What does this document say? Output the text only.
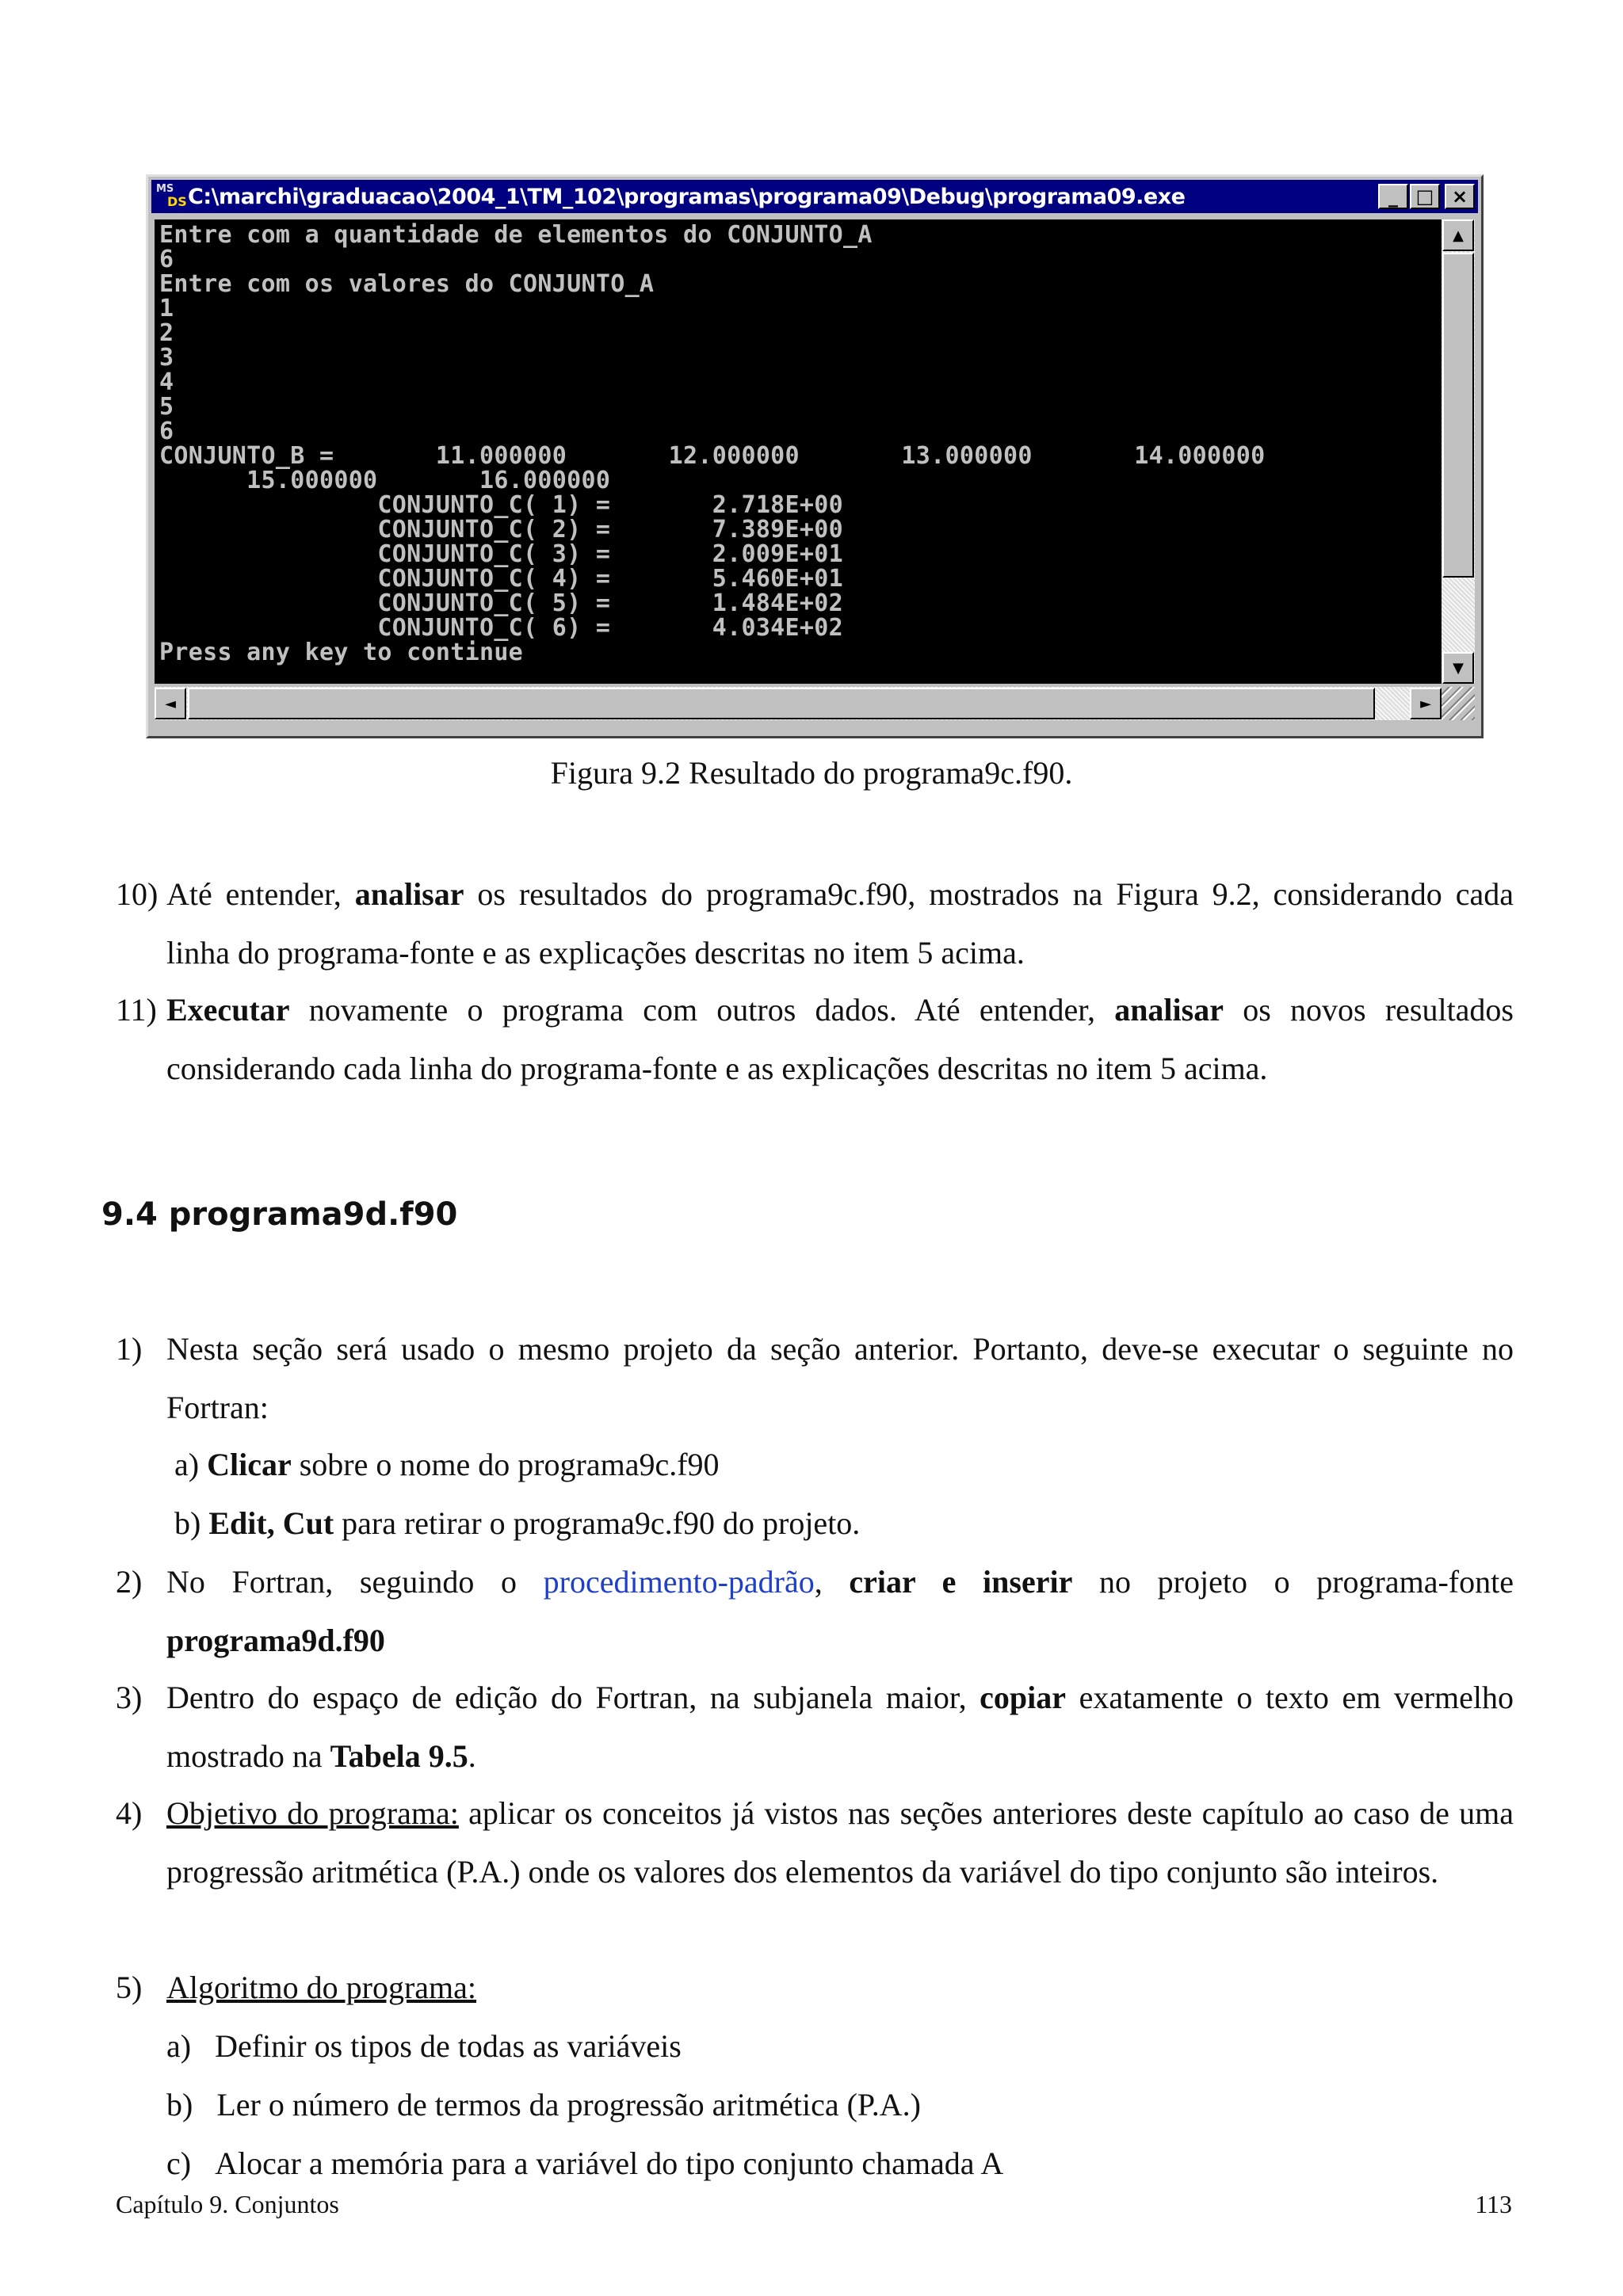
MS
DS C:\marchi\graduacao\2004_1\TM_102\programas\programa09\Debug\programa09.exe	_ □ ×
Entre com a quantidade de elementos do CONJUNTO_A
6
Entre com os valores do CONJUNTO_A
1
2
3
4
5
6
CONJUNTO_B =       11.000000       12.000000       13.000000       14.000000
15.000000       16.000000
CONJUNTO_C( 1) =       2.718E+00
CONJUNTO_C( 2) =       7.389E+00
CONJUNTO_C( 3) =       2.009E+01
CONJUNTO_C( 4) =       5.460E+01
CONJUNTO_C( 5) =       1.484E+02
CONJUNTO_C( 6) =       4.034E+02
Press any key to continue
▲
▼
◄	►
Figura 9.2 Resultado do programa9c.f90.
10) Até entender, analisar os resultados do programa9c.f90, mostrados na Figura 9.2, considerando cada linha do programa-fonte e as explicações descritas no item 5 acima.
11) Executar novamente o programa com outros dados. Até entender, analisar os novos resultados considerando cada linha do programa-fonte e as explicações descritas no item 5 acima.
9.4 programa9d.f90
1) Nesta seção será usado o mesmo projeto da seção anterior. Portanto, deve-se executar o seguinte no Fortran:
a) Clicar sobre o nome do programa9c.f90
b) Edit, Cut para retirar o programa9c.f90 do projeto.
2) No Fortran, seguindo o procedimento-padrão, criar e inserir no projeto o programa-fonte programa9d.f90
3) Dentro do espaço de edição do Fortran, na subjanela maior, copiar exatamente o texto em vermelho mostrado na Tabela 9.5.
4) Objetivo do programa: aplicar os conceitos já vistos nas seções anteriores deste capítulo ao caso de uma progressão aritmética (P.A.) onde os valores dos elementos da variável do tipo conjunto são inteiros.
5) Algoritmo do programa:
a) Definir os tipos de todas as variáveis
b) Ler o número de termos da progressão aritmética (P.A.)
c) Alocar a memória para a variável do tipo conjunto chamada A
Capítulo 9. Conjuntos	113
